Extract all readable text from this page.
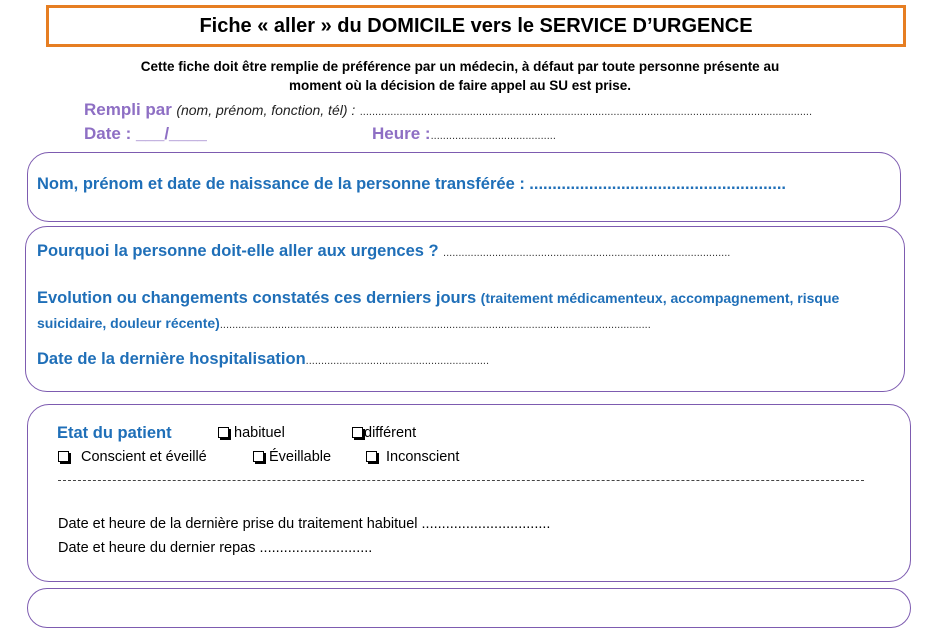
Fiche « aller » du DOMICILE vers le SERVICE D’URGENCE
Cette fiche doit être remplie de préférence par un médecin, à défaut par toute personne présente au
moment où la décision de faire appel au SU est prise.
Rempli par (nom, prénom, fonction, tél) : ....................................................................................................................................................
Date : ___/____	Heure :.........................................
Nom, prénom et date de naissance de la personne transférée : ........................................................
Pourquoi la personne doit-elle aller aux urgences ? ..............................................................................................
Evolution ou changements constatés ces derniers jours (traitement médicamenteux, accompagnement, risque
suicidaire, douleur récente).............................................................................................................................................
Date de la dernière hospitalisation............................................................
Etat du patient	habituel	différent
Conscient et éveillé	Éveillable	Inconscient
Date et heure de la dernière prise du traitement habituel ................................
Date et heure du dernier repas ............................
